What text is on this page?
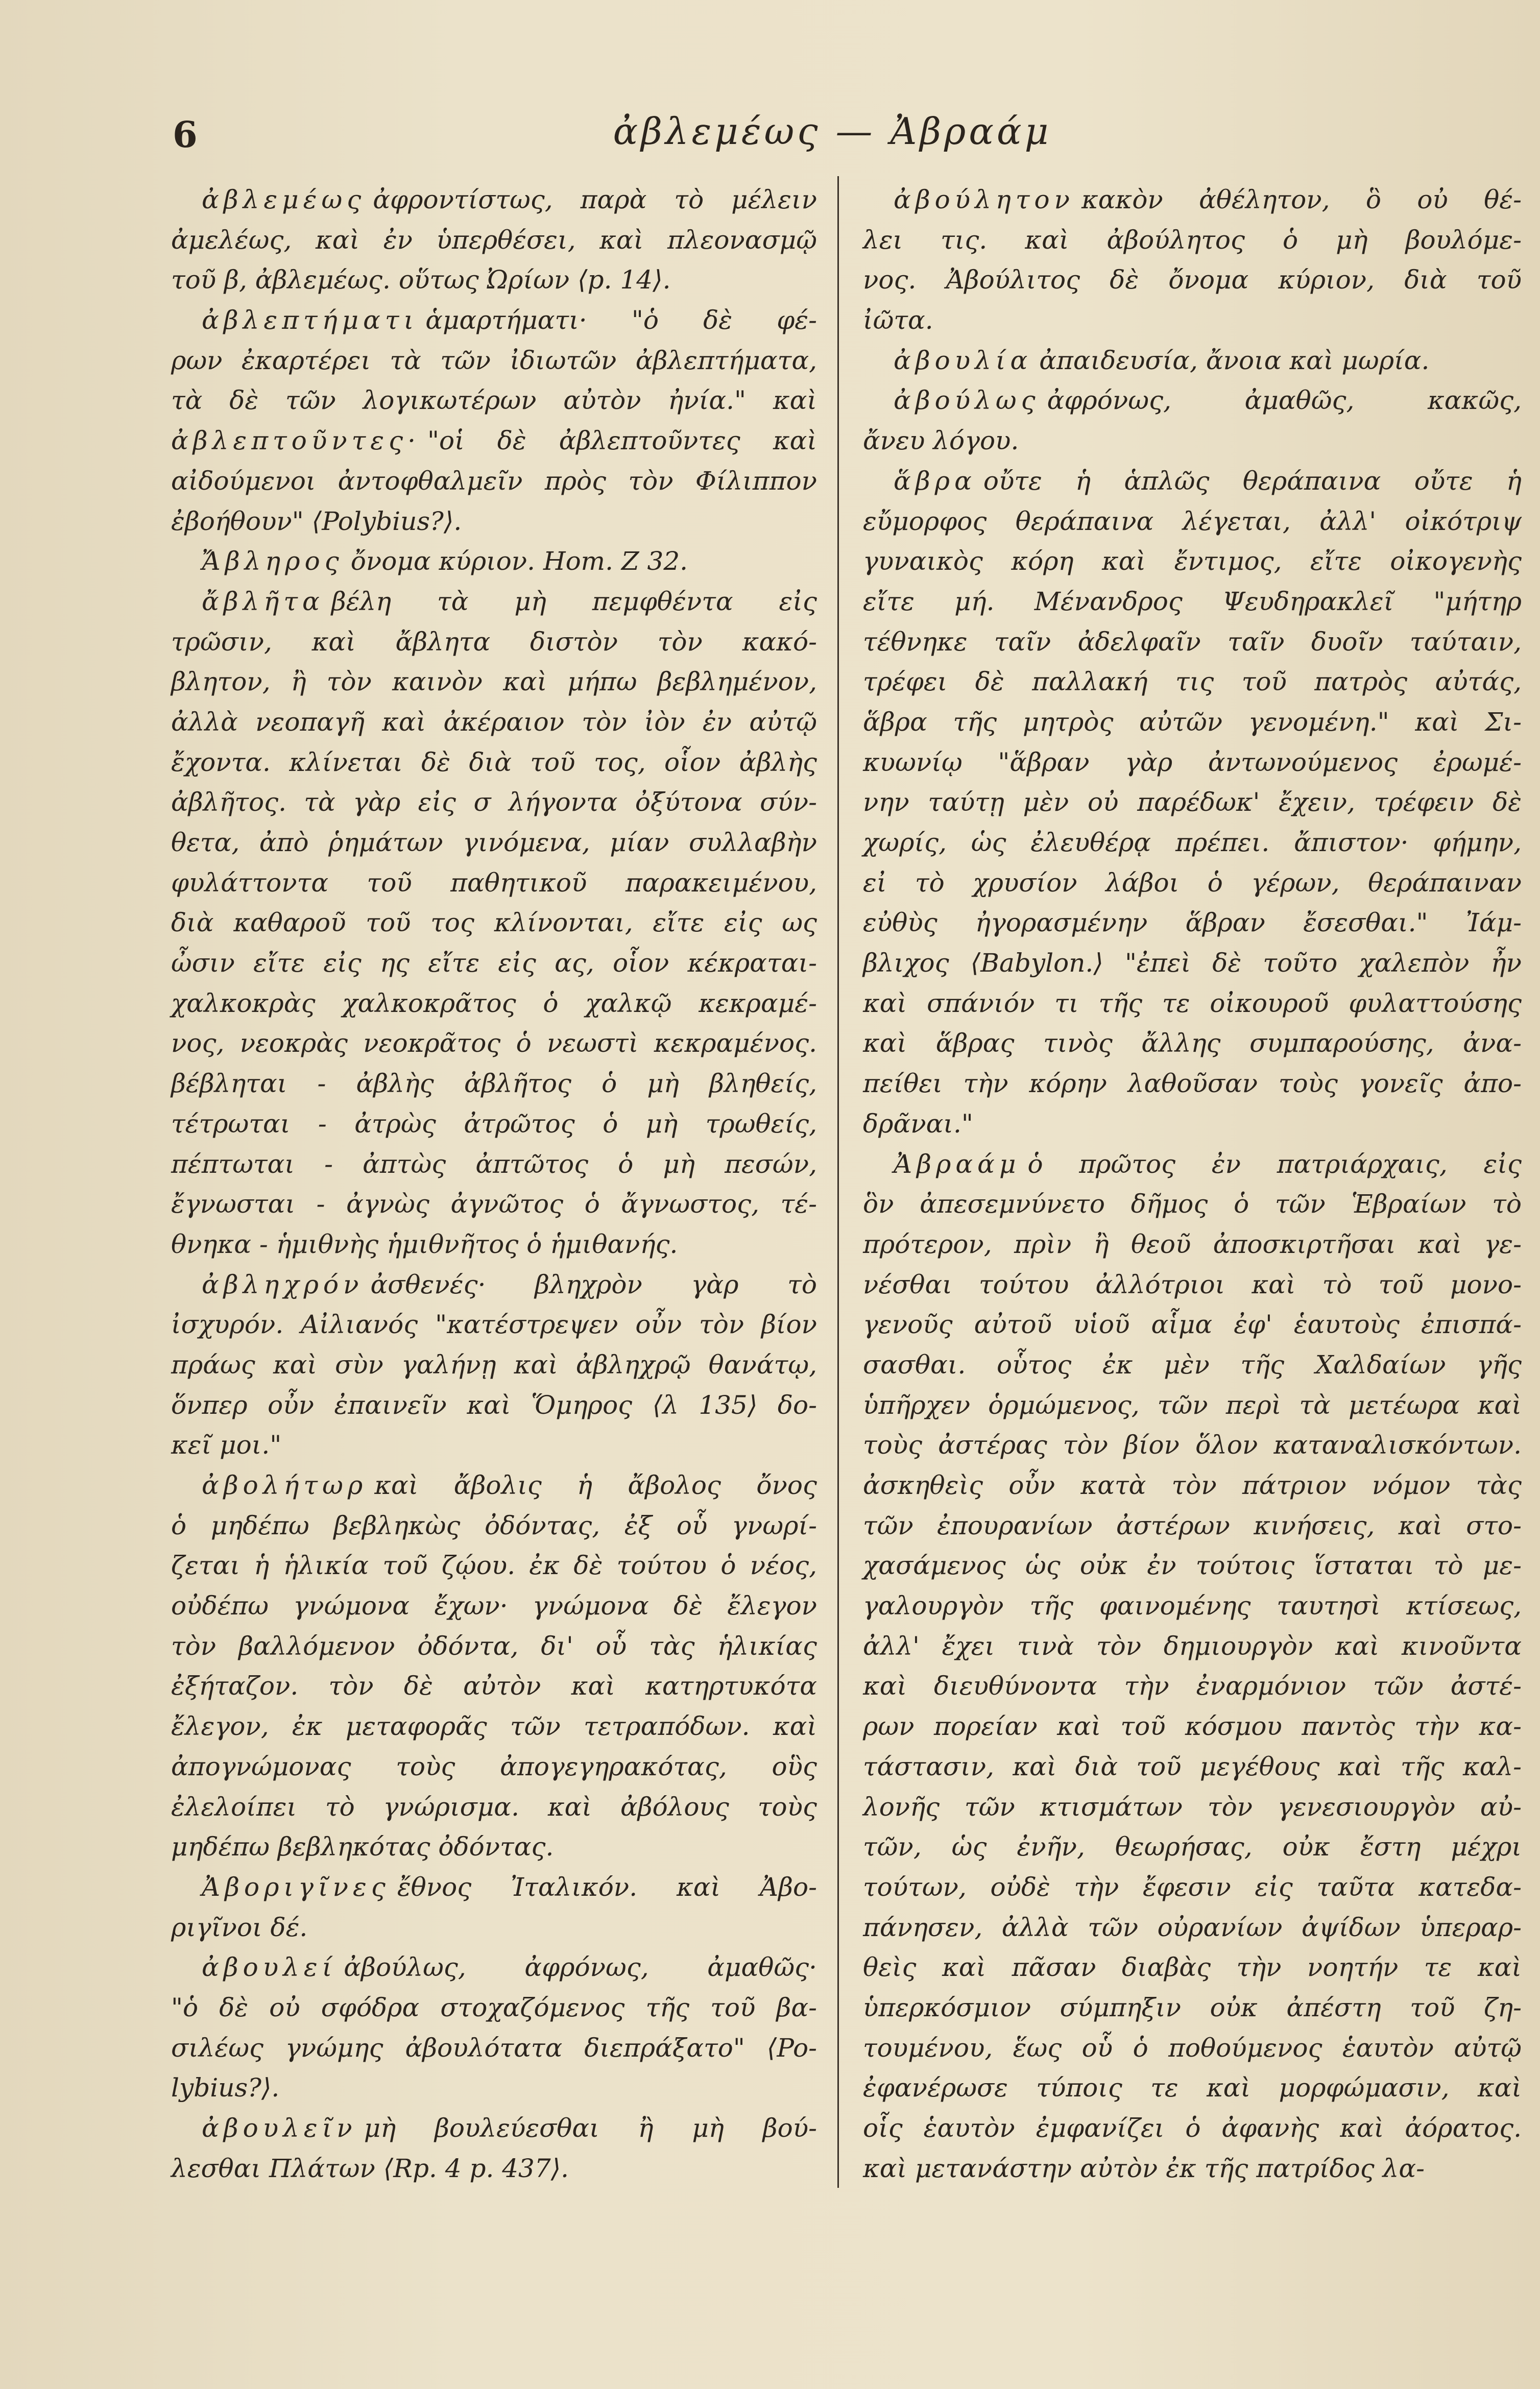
6	ἀβλεμέως — Ἀβραάμ
ἀβλεμέως ἀφροντίστως, παρὰ τὸ μέλειν
ἀμελέως, καὶ ἐν ὑπερθέσει, καὶ πλεονασμῷ
τοῦ β, ἀβλεμέως. οὕτως Ὠρίων ⟨p. 14⟩.
ἀβλεπτήματι ἁμαρτήματι· "ὁ δὲ φέ-
ρων ἐκαρτέρει τὰ τῶν ἰδιωτῶν ἀβλεπτήματα,
τὰ δὲ τῶν λογικωτέρων αὐτὸν ἠνία." καὶ
ἀβλεπτοῦντες· "οἱ δὲ ἀβλεπτοῦντες καὶ
αἰδούμενοι ἀντοφθαλμεῖν πρὸς τὸν Φίλιππον
ἐβοήθουν" ⟨Polybius?⟩.
Ἄβληρος ὄνομα κύριον. Hom. Ζ 32.
ἄβλῆτα βέλη τὰ μὴ πεμφθέντα εἰς
τρῶσιν, καὶ ἄβλητα διστὸν τὸν κακό-
βλητον, ἢ τὸν καινὸν καὶ μήπω βεβλημένον,
ἀλλὰ νεοπαγῆ καὶ ἀκέραιον τὸν ἰὸν ἐν αὐτῷ
ἔχοντα. κλίνεται δὲ διὰ τοῦ τος, οἷον ἀβλὴς
ἀβλῆτος. τὰ γὰρ εἰς σ λήγοντα ὀξύτονα σύν-
θετα, ἀπὸ ῥημάτων γινόμενα, μίαν συλλαβὴν
φυλάττοντα τοῦ παθητικοῦ παρακειμένου,
διὰ καθαροῦ τοῦ τος κλίνονται, εἴτε εἰς ως
ὦσιν εἴτε εἰς ης εἴτε εἰς ας, οἷον κέκραται-
χαλκοκρὰς χαλκοκρᾶτος ὁ χαλκῷ κεκραμέ-
νος, νεοκρὰς νεοκρᾶτος ὁ νεωστὶ κεκραμένος.
βέβληται - ἀβλὴς ἀβλῆτος ὁ μὴ βληθείς,
τέτρωται - ἀτρὼς ἀτρῶτος ὁ μὴ τρωθείς,
πέπτωται - ἀπτὼς ἀπτῶτος ὁ μὴ πεσών,
ἔγνωσται - ἀγνὼς ἀγνῶτος ὁ ἄγνωστος, τέ-
θνηκα - ἡμιθνὴς ἡμιθνῆτος ὁ ἡμιθανής.
ἀβληχρόν ἀσθενές· βληχρὸν γὰρ τὸ
ἰσχυρόν. Αἰλιανός "κατέστρεψεν οὖν τὸν βίον
πράως καὶ σὺν γαλήνῃ καὶ ἀβληχρῷ θανάτῳ,
ὅνπερ οὖν ἐπαινεῖν καὶ Ὅμηρος ⟨λ 135⟩ δο-
κεῖ μοι."
ἀβολήτωρ καὶ ἄβολις ἡ ἄβολος ὄνος
ὁ μηδέπω βεβληκὼς ὀδόντας, ἐξ οὗ γνωρί-
ζεται ἡ ἡλικία τοῦ ζῴου. ἐκ δὲ τούτου ὁ νέος,
οὐδέπω γνώμονα ἔχων· γνώμονα δὲ ἔλεγον
τὸν βαλλόμενον ὀδόντα, δι' οὗ τὰς ἡλικίας
ἐξήταζον. τὸν δὲ αὐτὸν καὶ κατηρτυκότα
ἔλεγον, ἐκ μεταφορᾶς τῶν τετραπόδων. καὶ
ἀπογνώμονας τοὺς ἀπογεγηρακότας, οὓς
ἐλελοίπει τὸ γνώρισμα. καὶ ἀβόλους τοὺς
μηδέπω βεβληκότας ὀδόντας.
Ἀβοριγῖνες ἔθνος Ἰταλικόν. καὶ Ἀβο-
ριγῖνοι δέ.
ἀβουλεί ἀβούλως, ἀφρόνως, ἀμαθῶς·
"ὁ δὲ οὐ σφόδρα στοχαζόμενος τῆς τοῦ βα-
σιλέως γνώμης ἀβουλότατα διεπράξατο" ⟨Po-
lybius?⟩.
ἀβουλεῖν μὴ βουλεύεσθαι ἢ μὴ βού-
λεσθαι Πλάτων ⟨Rp. 4 p. 437⟩.
ἀβούλητον κακὸν ἀθέλητον, ὃ οὐ θέ-
λει τις. καὶ ἀβούλητος ὁ μὴ βουλόμε-
νος. Ἀβούλιτος δὲ ὄνομα κύριον, διὰ τοῦ
ἰῶτα.
ἀβουλία ἀπαιδευσία, ἄνοια καὶ μωρία.
ἀβούλως ἀφρόνως, ἀμαθῶς, κακῶς,
ἄνευ λόγου.
ἅβρα οὔτε ἡ ἁπλῶς θεράπαινα οὔτε ἡ
εὔμορφος θεράπαινα λέγεται, ἀλλ' οἰκότριψ
γυναικὸς κόρη καὶ ἔντιμος, εἴτε οἰκογενὴς
εἴτε μή. Μένανδρος Ψευδηρακλεῖ "μήτηρ
τέθνηκε ταῖν ἀδελφαῖν ταῖν δυοῖν ταύταιν,
τρέφει δὲ παλλακή τις τοῦ πατρὸς αὐτάς,
ἅβρα τῆς μητρὸς αὐτῶν γενομένη." καὶ Σι-
κυωνίῳ "ἅβραν γὰρ ἀντωνούμενος ἐρωμέ-
νην ταύτῃ μὲν οὐ παρέδωκ' ἔχειν, τρέφειν δὲ
χωρίς, ὡς ἐλευθέρᾳ πρέπει. ἄπιστον· φήμην,
εἰ τὸ χρυσίον λάβοι ὁ γέρων, θεράπαιναν
εὐθὺς ἠγορασμένην ἅβραν ἔσεσθαι." Ἰάμ-
βλιχος ⟨Babylon.⟩ "ἐπεὶ δὲ τοῦτο χαλεπὸν ἦν
καὶ σπάνιόν τι τῆς τε οἰκουροῦ φυλαττούσης
καὶ ἅβρας τινὸς ἄλλης συμπαρούσης, ἀνα-
πείθει τὴν κόρην λαθοῦσαν τοὺς γονεῖς ἀπο-
δρᾶναι."
Ἀβραάμ ὁ πρῶτος ἐν πατριάρχαις, εἰς
ὃν ἀπεσεμνύνετο δῆμος ὁ τῶν Ἑβραίων τὸ
πρότερον, πρὶν ἢ θεοῦ ἀποσκιρτῆσαι καὶ γε-
νέσθαι τούτου ἀλλότριοι καὶ τὸ τοῦ μονο-
γενοῦς αὐτοῦ υἱοῦ αἷμα ἐφ' ἑαυτοὺς ἐπισπά-
σασθαι. οὗτος ἐκ μὲν τῆς Χαλδαίων γῆς
ὑπῆρχεν ὁρμώμενος, τῶν περὶ τὰ μετέωρα καὶ
τοὺς ἀστέρας τὸν βίον ὅλον καταναλισκόντων.
ἀσκηθεὶς οὖν κατὰ τὸν πάτριον νόμον τὰς
τῶν ἐπουρανίων ἀστέρων κινήσεις, καὶ στο-
χασάμενος ὡς οὐκ ἐν τούτοις ἵσταται τὸ με-
γαλουργὸν τῆς φαινομένης ταυτησὶ κτίσεως,
ἀλλ' ἔχει τινὰ τὸν δημιουργὸν καὶ κινοῦντα
καὶ διευθύνοντα τὴν ἐναρμόνιον τῶν ἀστέ-
ρων πορείαν καὶ τοῦ κόσμου παντὸς τὴν κα-
τάστασιν, καὶ διὰ τοῦ μεγέθους καὶ τῆς καλ-
λονῆς τῶν κτισμάτων τὸν γενεσιουργὸν αὐ-
τῶν, ὡς ἐνῆν, θεωρήσας, οὐκ ἔστη μέχρι
τούτων, οὐδὲ τὴν ἔφεσιν εἰς ταῦτα κατεδα-
πάνησεν, ἀλλὰ τῶν οὐρανίων ἀψίδων ὑπεραρ-
θεὶς καὶ πᾶσαν διαβὰς τὴν νοητήν τε καὶ
ὑπερκόσμιον σύμπηξιν οὐκ ἀπέστη τοῦ ζη-
τουμένου, ἕως οὗ ὁ ποθούμενος ἑαυτὸν αὐτῷ
ἐφανέρωσε τύποις τε καὶ μορφώμασιν, καὶ
οἷς ἑαυτὸν ἐμφανίζει ὁ ἀφανὴς καὶ ἀόρατος.
καὶ μετανάστην αὐτὸν ἐκ τῆς πατρίδος λα-
